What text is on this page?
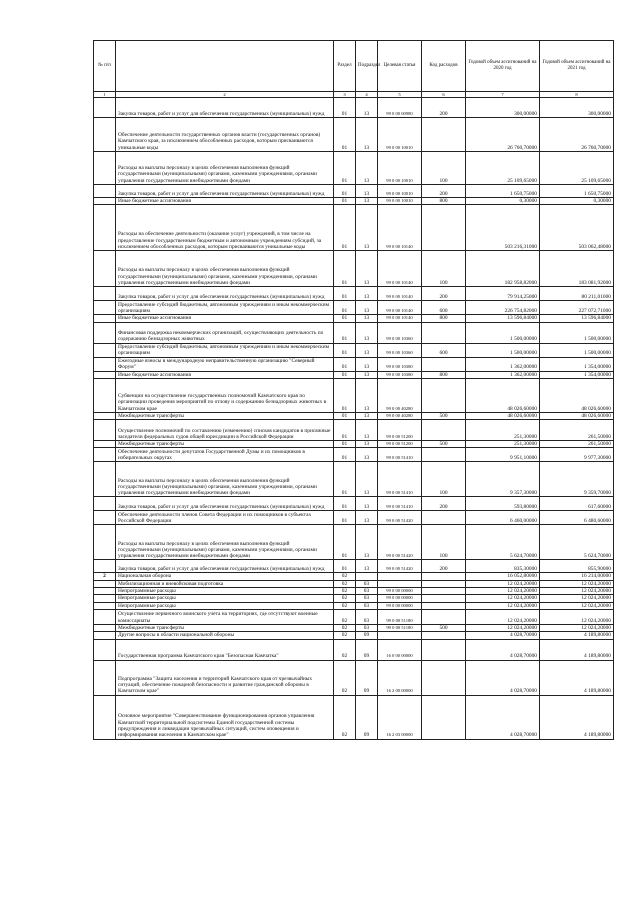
№ п/п		Раздел	Подраздел	Целевая статья	Код расходов	Годовой объем ассигнований на 2020 год	Годовой объем ассигнований на 2021 год
1	2	3	4	5	6	7	8
	Закупка товаров, работ и услуг для обеспечения государственных (муниципальных) нужд	01	13	99 0 00 00980	200	300,00000	300,00000
	Обеспечение деятельности государственных органов власти (государственных органов) Камчатского края, за исключением обособленных расходов, которым присваиваются уникальные коды	01	13	99 0 00 10010		26 760,70000	26 760,70000
	Расходы на выплаты персоналу в целях обеспечения выполнения функций государственными (муниципальными) органами, казенными учреждениями, органами управления государственными внебюджетными фондами	01	13	99 0 00 10010	100	25 109,65000	25 109,65000
	Закупка товаров, работ и услуг для обеспечения государственных (муниципальных) нужд	01	13	99 0 00 10010	200	1 650,75000	1 650,75000
	Иные бюджетные ассигнования	01	13	99 0 00 10010	800	0,30000	0,30000
	Расходы на обеспечение деятельности (оказание услуг) учреждений, в том числе на предоставление государственным бюджетным и автономным учреждениям субсидий, за исключением обособленных расходов, которым присваиваются уникальные коды	01	13	99 0 00 10140		503 216,31000	503 062,48000
	Расходы на выплаты персоналу в целях обеспечения выполнения функций государственными (муниципальными) органами, казенными учреждениями, органами управления государственными внебюджетными фондами	01	13	99 0 00 10140	100	182 958,82000	183 081,92000
	Закупка товаров, работ и услуг для обеспечения государственных (муниципальных) нужд	01	13	99 0 00 10140	200	79 914,25000	80 211,01000
	Предоставление субсидий бюджетным, автономным учреждениям и иным некоммерческим организациям	01	13	99 0 00 10140	600	226 754,82000	227 072,71000
	Иные бюджетные ассигнования	01	13	99 0 00 10140	800	13 596,84000	13 596,84000
	Финансовая поддержка некоммерческих организаций, осуществляющих деятельность по содержанию безнадзорных животных	01	13	99 0 00 10360		1 500,00000	1 500,00000
	Предоставление субсидий бюджетным, автономным учреждениям и иным некоммерческим организациям	01	13	99 0 00 10360	600	1 500,00000	1 500,00000
	Ежегодные взносы в международную неправительственную организацию "Северный Форум"	01	13	99 0 00 10380		1 362,00000	1 354,00000
	Иные бюджетные ассигнования	01	13	99 0 00 10380	800	1 362,00000	1 354,00000
	Субвенции на осуществление государственных полномочий Камчатского края по организации проведения мероприятий по отлову и содержанию безнадзорных животных в Камчатском крае	01	13	99 0 00 40280		48 026,60000	48 026,60000
	Межбюджетные трансферты	01	13	99 0 00 40280	500	48 026,60000	48 026,60000
	Осуществление полномочий по составлению (изменению) списков кандидатов в присяжные заседатели федеральных судов общей юрисдикции в Российской Федерации	01	13	99 0 00 51200		251,30000	261,50000
	Межбюджетные трансферты	01	13	99 0 00 51200	500	251,30000	261,50000
	Обеспечение деятельности депутатов Государственной Думы и их помощников в избирательных округах	01	13	99 0 00 51410		9 951,10000	9 977,30000
	Расходы на выплаты персоналу в целях обеспечения выполнения функций государственными (муниципальными) органами, казенными учреждениями, органами управления государственными внебюджетными фондами	01	13	99 0 00 51410	100	9 357,30000	9 359,70000
	Закупка товаров, работ и услуг для обеспечения государственных (муниципальных) нужд	01	13	99 0 00 51410	200	593,80000	617,60000
	Обеспечение деятельности членов Совета Федерации и их помощников в субъектах Российской Федерации	01	13	99 0 00 51420		6 460,00000	6 480,60000
	Расходы на выплаты персоналу в целях обеспечения выполнения функций государственными (муниципальными) органами, казенными учреждениями, органами управления государственными внебюджетными фондами	01	13	99 0 00 51420	100	5 624,70000	5 624,70000
	Закупка товаров, работ и услуг для обеспечения государственных (муниципальных) нужд	01	13	99 0 00 51420	200	835,30000	855,90000
2	Национальная оборона	02				16 052,80000	16 214,00000
	Мобилизационная и вневойсковая подготовка	02	03			12 024,20000	12 024,20000
	Непрограммные расходы	02	03	99 0 00 00000		12 024,20000	12 024,20000
	Непрограммные расходы	02	03	99 0 00 00000		12 024,20000	12 024,20000
	Непрограммные расходы	02	03	99 0 00 00000		12 024,20000	12 024,20000
	Осуществление первичного воинского учета на территориях, где отсутствуют военные комиссариаты	02	03	99 0 00 51180		12 024,20000	12 024,20000
	Межбюджетные трансферты	02	03	99 0 00 51180	500	12 024,20000	12 024,20000
	Другие вопросы в области национальной обороны	02	09			4 028,70000	4 189,80000
	Государственная программа Камчатского края "Безопасная Камчатка"	02	09	16 0 00 00000		4 028,70000	4 189,80000
	Подпрограмма "Защита населения и территорий Камчатского края от чрезвычайных ситуаций, обеспечение пожарной безопасности и развитие гражданской обороны в Камчатском крае"	02	09	16 2 00 00000		4 028,70000	4 189,80000
	Основное мероприятие "Совершенствование функционирования органов управления Камчатской территориальной подсистемы Единой государственной системы предупреждения и ликвидации чрезвычайных ситуаций, систем оповещения и информирования населения в Камчатском крае"	02	09	16 2 03 00000		4 028,70000	4 189,80000
